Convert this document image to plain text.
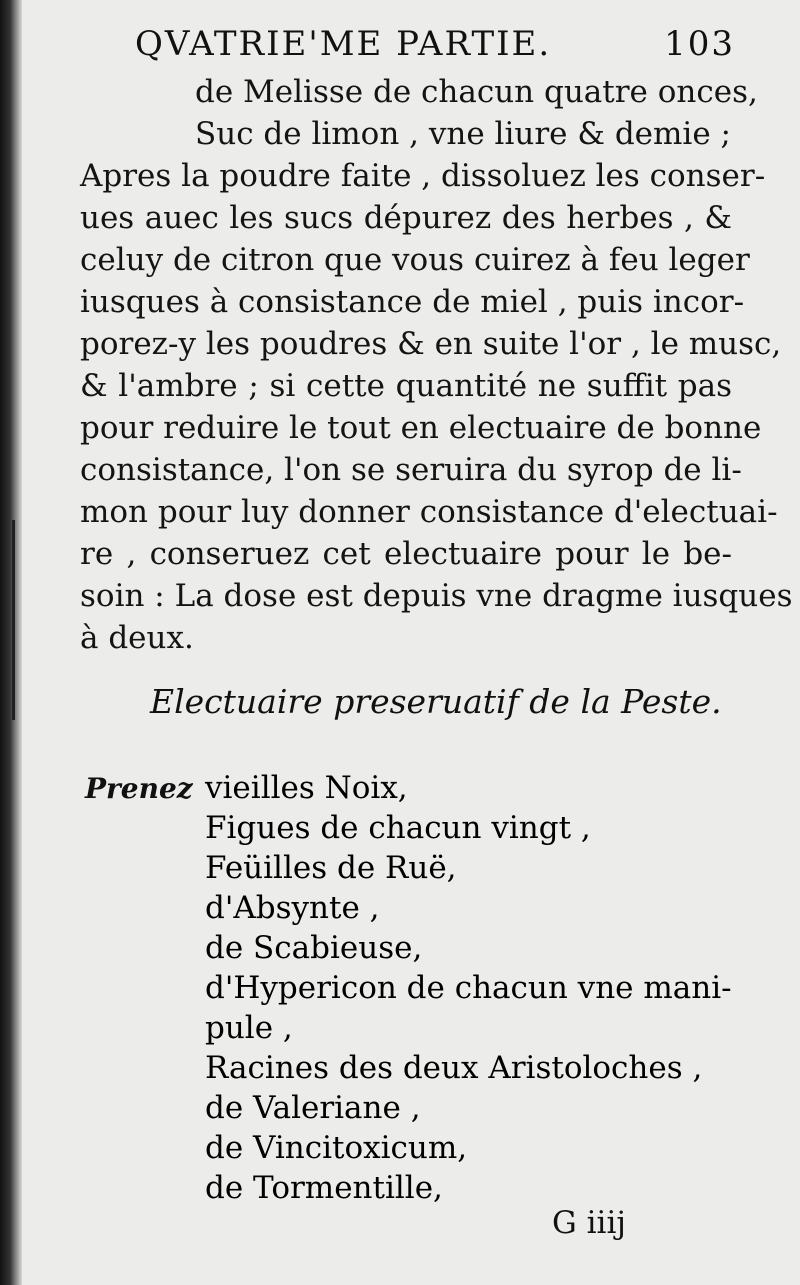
QVATRIE'ME PARTIE.	103
de Melisse de chacun quatre onces,
Suc de limon , vne liure & demie ;
Apres la poudre faite , dissoluez les conser-
ues auec les sucs dépurez des herbes , &
celuy de citron que vous cuirez à feu leger
iusques à consistance de miel , puis incor-
porez-y les poudres & en suite l'or , le musc,
& l'ambre ; si cette quantité ne suffit pas
pour reduire le tout en electuaire de bonne
consistance, l'on se seruira du syrop de li-
mon pour luy donner consistance d'electuai-
re , conseruez cet electuaire pour le be-
soin : La dose est depuis vne dragme iusques
à deux.
Electuaire preseruatif de la Peste.
Prenez vieilles Noix,
Figues de chacun vingt ,
Feüilles de Ruë,
d'Absynte ,
de Scabieuse,
d'Hypericon de chacun vne mani-
pule ,
Racines des deux Aristoloches ,
de Valeriane ,
de Vincitoxicum,
de Tormentille,
G iiij
